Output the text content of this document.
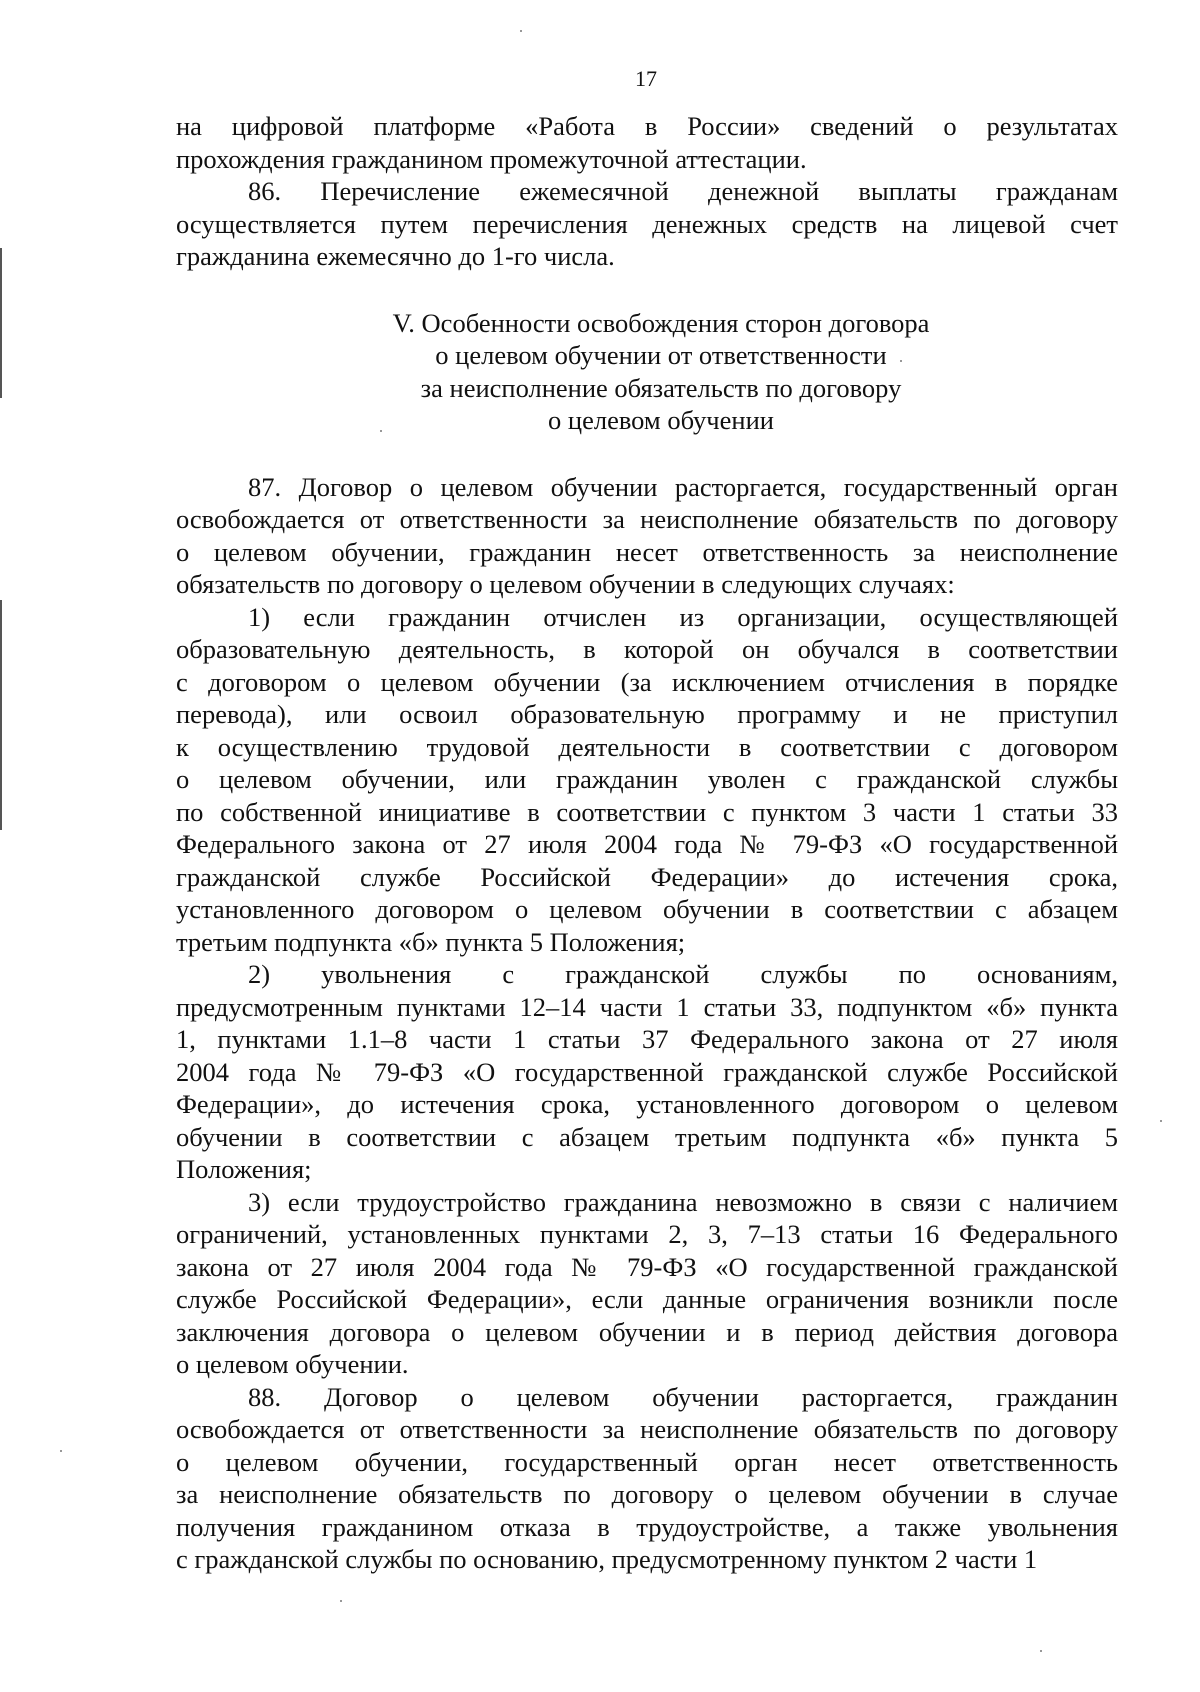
17
на цифровой платформе «Работа в России» сведений о результатах
прохождения гражданином промежуточной аттестации.
86. Перечисление ежемесячной денежной выплаты гражданам
осуществляется путем перечисления денежных средств на лицевой счет
гражданина ежемесячно до 1-го числа.
V. Особенности освобождения сторон договора
о целевом обучении от ответственности
за неисполнение обязательств по договору
о целевом обучении
87. Договор о целевом обучении расторгается, государственный орган
освобождается от ответственности за неисполнение обязательств по договору
о целевом обучении, гражданин несет ответственность за неисполнение
обязательств по договору о целевом обучении в следующих случаях:
1) если гражданин отчислен из организации, осуществляющей
образовательную деятельность, в которой он обучался в соответствии
с договором о целевом обучении (за исключением отчисления в порядке
перевода), или освоил образовательную программу и не приступил
к осуществлению трудовой деятельности в соответствии с договором
о целевом обучении, или гражданин уволен с гражданской службы
по собственной инициативе в соответствии с пунктом 3 части 1 статьи 33
Федерального закона от 27 июля 2004 года № 79-ФЗ «О государственной
гражданской службе Российской Федерации» до истечения срока,
установленного договором о целевом обучении в соответствии с абзацем
третьим подпункта «б» пункта 5 Положения;
2) увольнения с гражданской службы по основаниям,
предусмотренным пунктами 12–14 части 1 статьи 33, подпунктом «б» пункта
1, пунктами 1.1–8 части 1 статьи 37 Федерального закона от 27 июля
2004 года № 79-ФЗ «О государственной гражданской службе Российской
Федерации», до истечения срока, установленного договором о целевом
обучении в соответствии с абзацем третьим подпункта «б» пункта 5
Положения;
3) если трудоустройство гражданина невозможно в связи с наличием
ограничений, установленных пунктами 2, 3, 7–13 статьи 16 Федерального
закона от 27 июля 2004 года № 79-ФЗ «О государственной гражданской
службе Российской Федерации», если данные ограничения возникли после
заключения договора о целевом обучении и в период действия договора
о целевом обучении.
88. Договор о целевом обучении расторгается, гражданин
освобождается от ответственности за неисполнение обязательств по договору
о целевом обучении, государственный орган несет ответственность
за неисполнение обязательств по договору о целевом обучении в случае
получения гражданином отказа в трудоустройстве, а также увольнения
с гражданской службы по основанию, предусмотренному пунктом 2 части 1
